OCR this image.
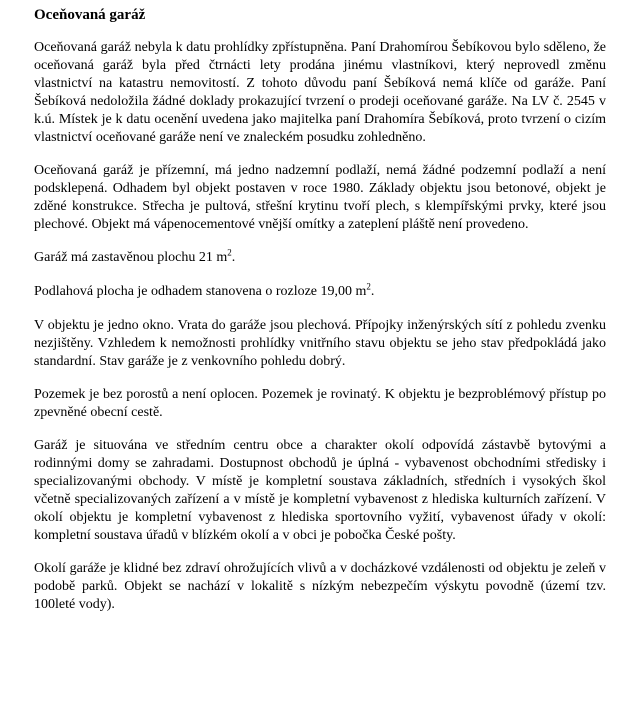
Oceňovaná garáž

Oceňovaná garáž nebyla k datu prohlídky zpřístupněna. Paní Drahomírou Šebíkovou bylo sděleno, že oceňovaná garáž byla před čtrnácti lety prodána jinému vlastníkovi, který neprovedl změnu vlastnictví na katastru nemovitostí. Z tohoto důvodu paní Šebíková nemá klíče od garáže. Paní Šebíková nedoložila žádné doklady prokazující tvrzení o prodeji oceňované garáže. Na LV č. 2545 v k.ú. Místek je k datu ocenění uvedena jako majitelka paní Drahomíra Šebíková, proto tvrzení o cizím vlastnictví oceňované garáže není ve znaleckém posudku zohledněno.

Oceňovaná garáž je přízemní, má jedno nadzemní podlaží, nemá žádné podzemní podlaží a není podsklepená. Odhadem byl objekt postaven v roce 1980. Základy objektu jsou betonové, objekt je zděné konstrukce. Střecha je pultová, střešní krytinu tvoří plech, s klempířskými prvky, které jsou plechové. Objekt má vápenocementové vnější omítky a zateplení pláště není provedeno.

Garáž má zastavěnou plochu 21 $m^2$.

Podlahová plocha je odhadem stanovena o rozloze 19,00 $m^2$.

V objektu je jedno okno. Vrata do garáže jsou plechová. Přípojky inženýrských sítí z pohledu zvenku nezjištěny. Vzhledem k nemožnosti prohlídky vnitřního stavu objektu se jeho stav předpokládá jako standardní. Stav garáže je z venkovního pohledu dobrý.

Pozemek je bez porostů a není oplocen. Pozemek je rovinatý. K objektu je bezproblémový přístup po zpevněné obecní cestě.

Garáž je situována ve středním centru obce a charakter okolí odpovídá zástavbě bytovými a rodinnými domy se zahradami. Dostupnost obchodů je úplná - vybavenost obchodními středisky i specializovanými obchody. V místě je kompletní soustava základních, středních i vysokých škol včetně specializovaných zařízení a v místě je kompletní vybavenost z hlediska kulturních zařízení. V okolí objektu je kompletní vybavenost z hlediska sportovního vyžití, vybavenost úřady v okolí: kompletní soustava úřadů v blízkém okolí a v obci je pobočka České pošty.

Okolí garáže je klidné bez zdraví ohrožujících vlivů a v docházkové vzdálenosti od objektu je zeleň v podobě parků. Objekt se nachází v lokalitě s nízkým nebezpečím výskytu povodně (území tzv. 100leté vody).
